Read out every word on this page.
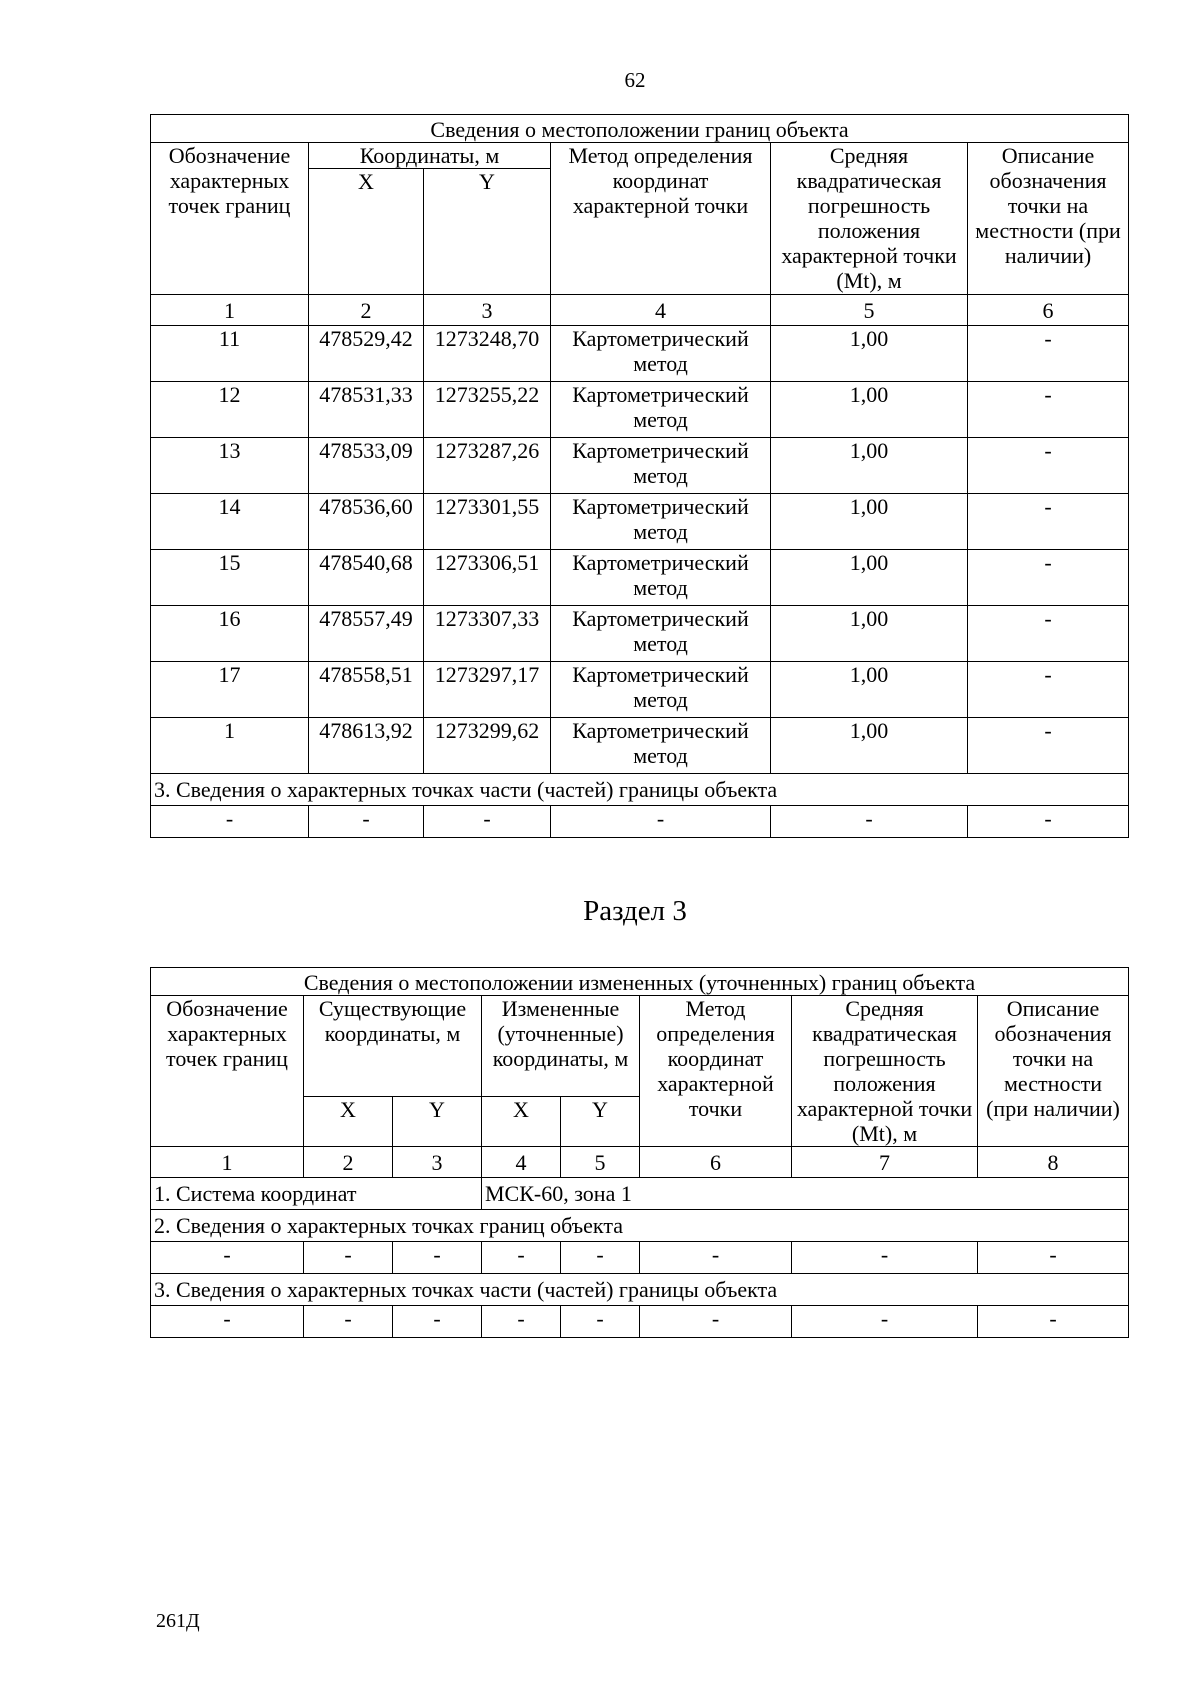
62
Сведения о местоположении границ объекта					
Обозначение характерных точек границ	Координаты, м		Метод определения координат характерной точки	Средняя квадратическая погрешность положения характерной точки (Mt), м	Описание обозначения точки на местности (при наличии)
	X	Y			
1	2	3	4	5	6
11	478529,42	1273248,70	Картометрический метод	1,00	-
12	478531,33	1273255,22	Картометрический метод	1,00	-
13	478533,09	1273287,26	Картометрический метод	1,00	-
14	478536,60	1273301,55	Картометрический метод	1,00	-
15	478540,68	1273306,51	Картометрический метод	1,00	-
16	478557,49	1273307,33	Картометрический метод	1,00	-
17	478558,51	1273297,17	Картометрический метод	1,00	-
1	478613,92	1273299,62	Картометрический метод	1,00	-
3. Сведения о характерных точках части (частей) границы объекта					
-	-	-	-	-	-
Раздел 3
Сведения о местоположении измененных (уточненных) границ объекта							
Обозначение характерных точек границ	Существующие координаты, м		Измененные (уточненные) координаты, м		Метод определения координат характерной точки	Средняя квадратическая погрешность положения характерной точки (Mt), м	Описание обозначения точки на местности (при наличии)
	X	Y	X	Y			
1	2	3	4	5	6	7	8
1. Система координат			МСК-60, зона 1				
2. Сведения о характерных точках границ объекта							
-	-	-	-	-	-	-	-
3. Сведения о характерных точках части (частей) границы объекта							
-	-	-	-	-	-	-	-
261Д
